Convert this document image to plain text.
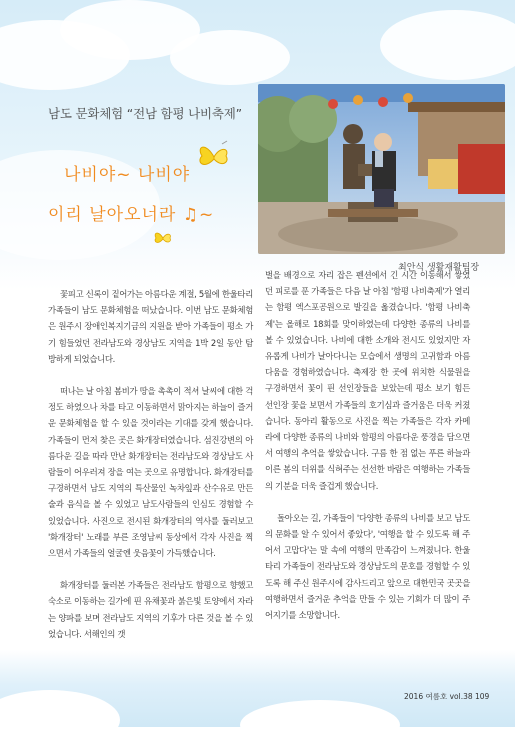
남도 문화체험 “전남 함평 나비축제”
나비야~ 나비야
이리 날아오너라 ♫~
최안식 생활재활팀장

꽃피고 신록이 짙어가는 아름다운 계절, 5월에 한울타리 가족들이 남도 문화체험을 떠났습니다. 이번 남도 문화체험은 원주시 장애인복지기금의 지원을 받아 가족들이 평소 가기 힘들었던 전라남도와 경상남도 지역을 1박 2일 동안 탐방하게 되었습니다.

떠나는 날 아침 봄비가 땅을 촉촉이 적셔 날씨에 대한 걱정도 하였으나 차를 타고 이동하면서 맑아지는 하늘이 즐거운 문화체험을 할 수 있을 것이라는 기대를 갖게 했습니다. 가족들이 먼저 찾은 곳은 화개장터였습니다. 섬진강변의 아름다운 길을 따라 만난 화개장터는 전라남도와 경상남도 사람들이 어우러져 장을 여는 곳으로 유명합니다. 화개장터를 구경하면서 남도 지역의 특산물인 녹차잎과 산수유로 만든 술과 음식을 볼 수 있었고 남도사람들의 인심도 경험할 수 있었습니다. 사진으로 전시된 화개장터의 역사를 둘러보고 '화개장터' 노래를 부른 조영남씨 동상에서 각자 사진을 찍으면서 가족들의 얼굴엔 웃음꽃이 가득했습니다.

화개장터를 둘러본 가족들은 전라남도 함평으로 향했고 숙소로 이동하는 길가에 핀 유채꽃과 붉은빛 토양에서 자라는 양파를 보며 전라남도 지역의 기후가 다른 것을 볼 수 있었습니다. 서해인의 갯

벌을 배경으로 자리 잡은 펜션에서 긴 시간 이동해서 쌓였던 피로를 푼 가족들은 다음 날 아침 '함평 나비축제'가 열리는 함평 엑스포공원으로 발길을 옮겼습니다. '함평 나비축제'는 올해로 18회를 맞이하였는데 다양한 종류의 나비를 볼 수 있었습니다. 나비에 대한 소개와 전시도 있었지만 자유롭게 나비가 날아다니는 모습에서 생명의 고귀함과 아름다움을 경험하였습니다. 축제장 한 곳에 위치한 식물원을 구경하면서 꽃이 핀 선인장들을 보았는데 평소 보기 힘든 선인장 꽃을 보면서 가족들의 호기심과 즐거움은 더욱 커졌습니다. 동아리 활동으로 사진을 찍는 가족들은 각자 카메라에 다양한 종류의 나비와 함평의 아름다운 풍경을 담으면서 여행의 추억을 쌓았습니다. 구름 한 점 없는 푸른 하늘과 이른 봄의 더위를 식혀주는 선선한 바람은 여행하는 가족들의 기분을 더욱 즐겁게 했습니다.

돌아오는 길, 가족들이 '다양한 종류의 나비를 보고 남도의 문화를 알 수 있어서 좋았다', '여행을 할 수 있도록 해 주어서 고맙다'는 말 속에 여행의 만족감이 느껴졌니다. 한울타리 가족들이 전라남도와 경상남도의 문호를 경험할 수 있도록 해 주신 원주시에 감사드리고 앞으로 대한민국 곳곳을 여행하면서 즐거운 추억을 만들 수 있는 기회가 더 많이 주어지기를 소망합니다.

2016 여름호 vol.38 109
